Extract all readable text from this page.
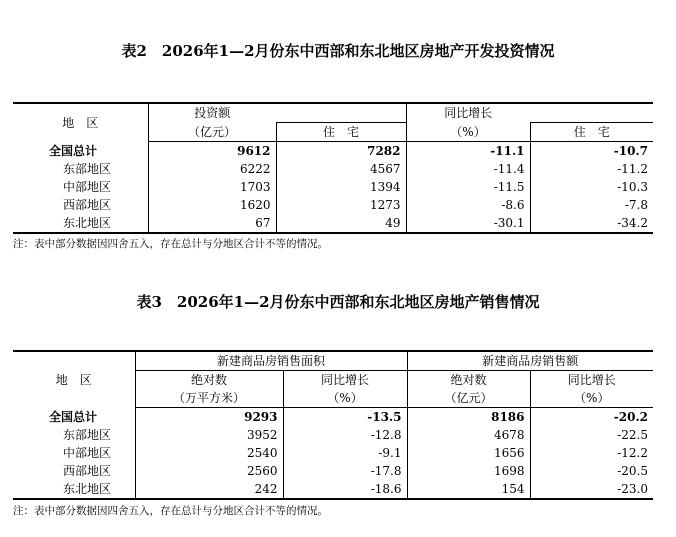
表2　2026年1—2月份东中西部和东北地区房地产开发投资情况
地　区	投资额		同比增长	
	（亿元）	住　宅	（%）	住　宅
全国总计	9612	7282	-11.1	-10.7
东部地区	6222	4567	-11.4	-11.2
中部地区	1703	1394	-11.5	-10.3
西部地区	1620	1273	-8.6	-7.8
东北地区	67	49	-30.1	-34.2
注：表中部分数据因四舍五入，存在总计与分地区合计不等的情况。
表3　2026年1—2月份东中西部和东北地区房地产销售情况
地　区	新建商品房销售面积		新建商品房销售额	
	绝对数	同比增长	绝对数	同比增长
	（万平方米）	（%）	（亿元）	（%）
全国总计	9293	-13.5	8186	-20.2
东部地区	3952	-12.8	4678	-22.5
中部地区	2540	-9.1	1656	-12.2
西部地区	2560	-17.8	1698	-20.5
东北地区	242	-18.6	154	-23.0
注：表中部分数据因四舍五入，存在总计与分地区合计不等的情况。
